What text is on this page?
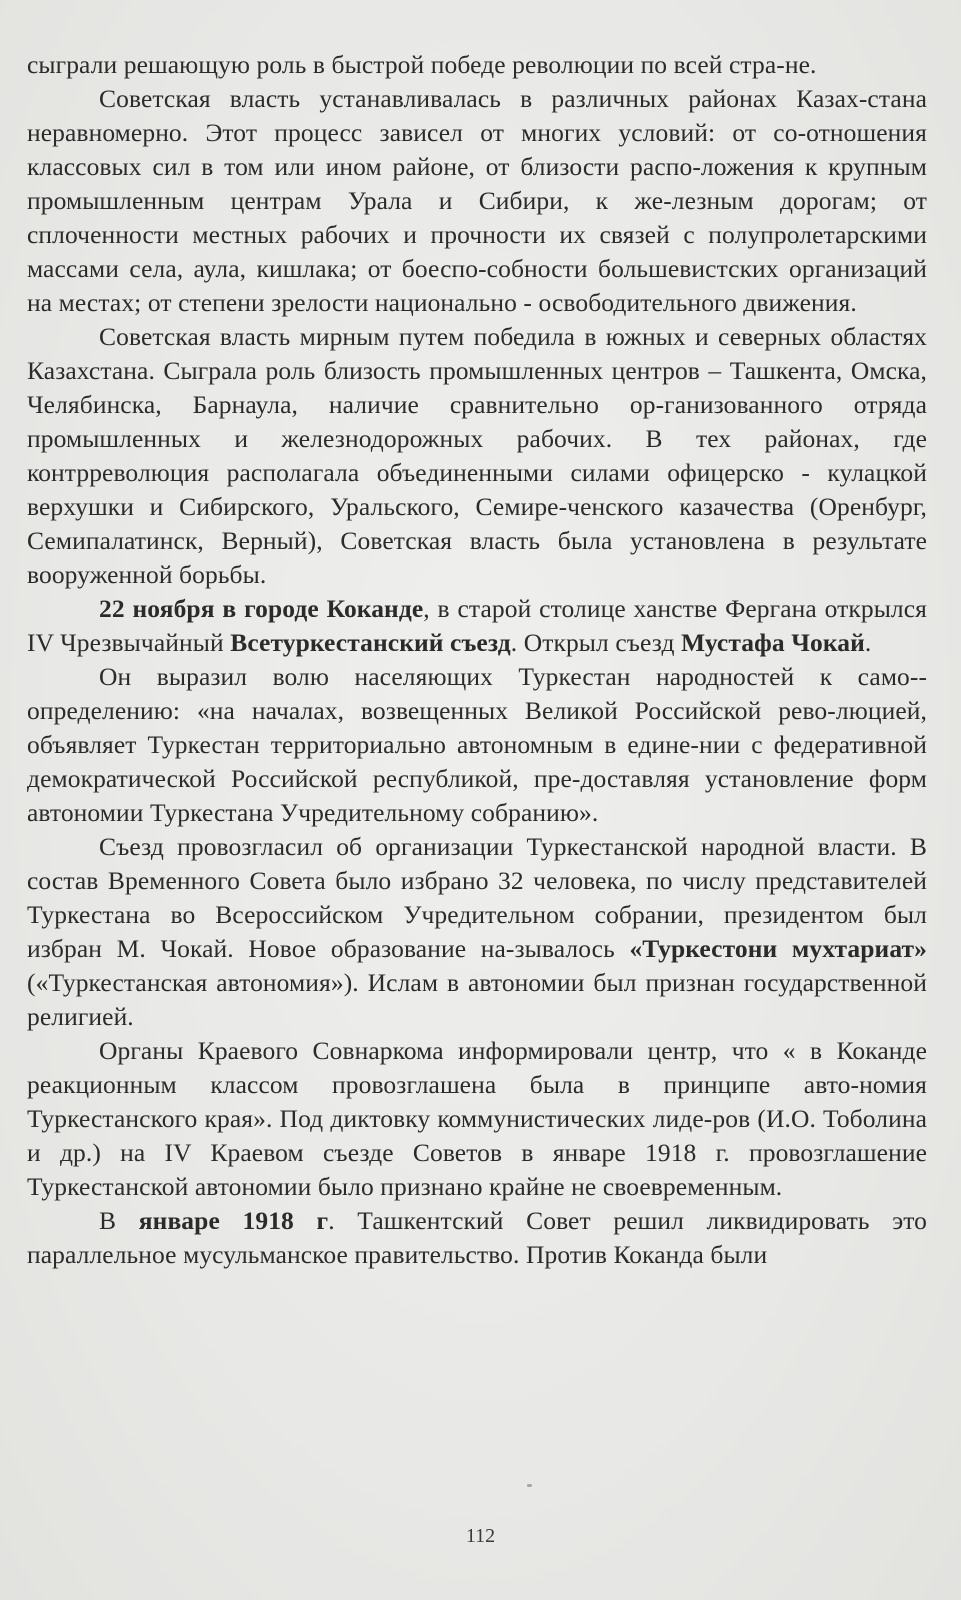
сыграли решающую роль в быстрой победе революции по всей стра-не.

Советская власть устанавливалась в различных районах Казах-стана неравномерно. Этот процесс зависел от многих условий: от со-отношения классовых сил в том или ином районе, от близости распо-ложения к крупным промышленным центрам Урала и Сибири, к же-лезным дорогам; от сплоченности местных рабочих и прочности их связей с полупролетарскими массами села, аула, кишлака; от боеспо-собности большевистских организаций на местах; от степени зрелости национально - освободительного движения.

Советская власть мирным путем победила в южных и северных областях Казахстана. Сыграла роль близость промышленных центров – Ташкента, Омска, Челябинска, Барнаула, наличие сравнительно ор-ганизованного отряда промышленных и железнодорожных рабочих. В тех районах, где контрреволюция располагала объединенными силами офицерско - кулацкой верхушки и Сибирского, Уральского, Семире-ченского казачества (Оренбург, Семипалатинск, Верный), Советская власть была установлена в результате вооруженной борьбы.

22 ноября в городе Коканде, в старой столице ханстве Фергана открылся IV Чрезвычайный Всетуркестанский съезд. Открыл съезд Мустафа Чокай.

Он выразил волю населяющих Туркестан народностей к само-определению: «на началах, возвещенных Великой Российской рево-люцией, объявляет Туркестан территориально автономным в едине-нии с федеративной демократической Российской республикой, пре-доставляя установление форм автономии Туркестана Учредительному собранию».

Съезд провозгласил об организации Туркестанской народной власти. В состав Временного Совета было избрано 32 человека, по числу представителей Туркестана во Всероссийском Учредительном собрании, президентом был избран М. Чокай. Новое образование на-зывалось «Туркестони мухтариат» («Туркестанская автономия»). Ислам в автономии был признан государственной религией.

Органы Краевого Совнаркома информировали центр, что « в Коканде реакционным классом провозглашена была в принципе авто-номия Туркестанского края». Под диктовку коммунистических лиде-ров (И.О. Тоболина и др.) на IV Краевом съезде Советов в январе 1918 г. провозглашение Туркестанской автономии было признано крайне не своевременным.

В январе 1918 г. Ташкентский Совет решил ликвидировать это параллельное мусульманское правительство. Против Коканда были

112
